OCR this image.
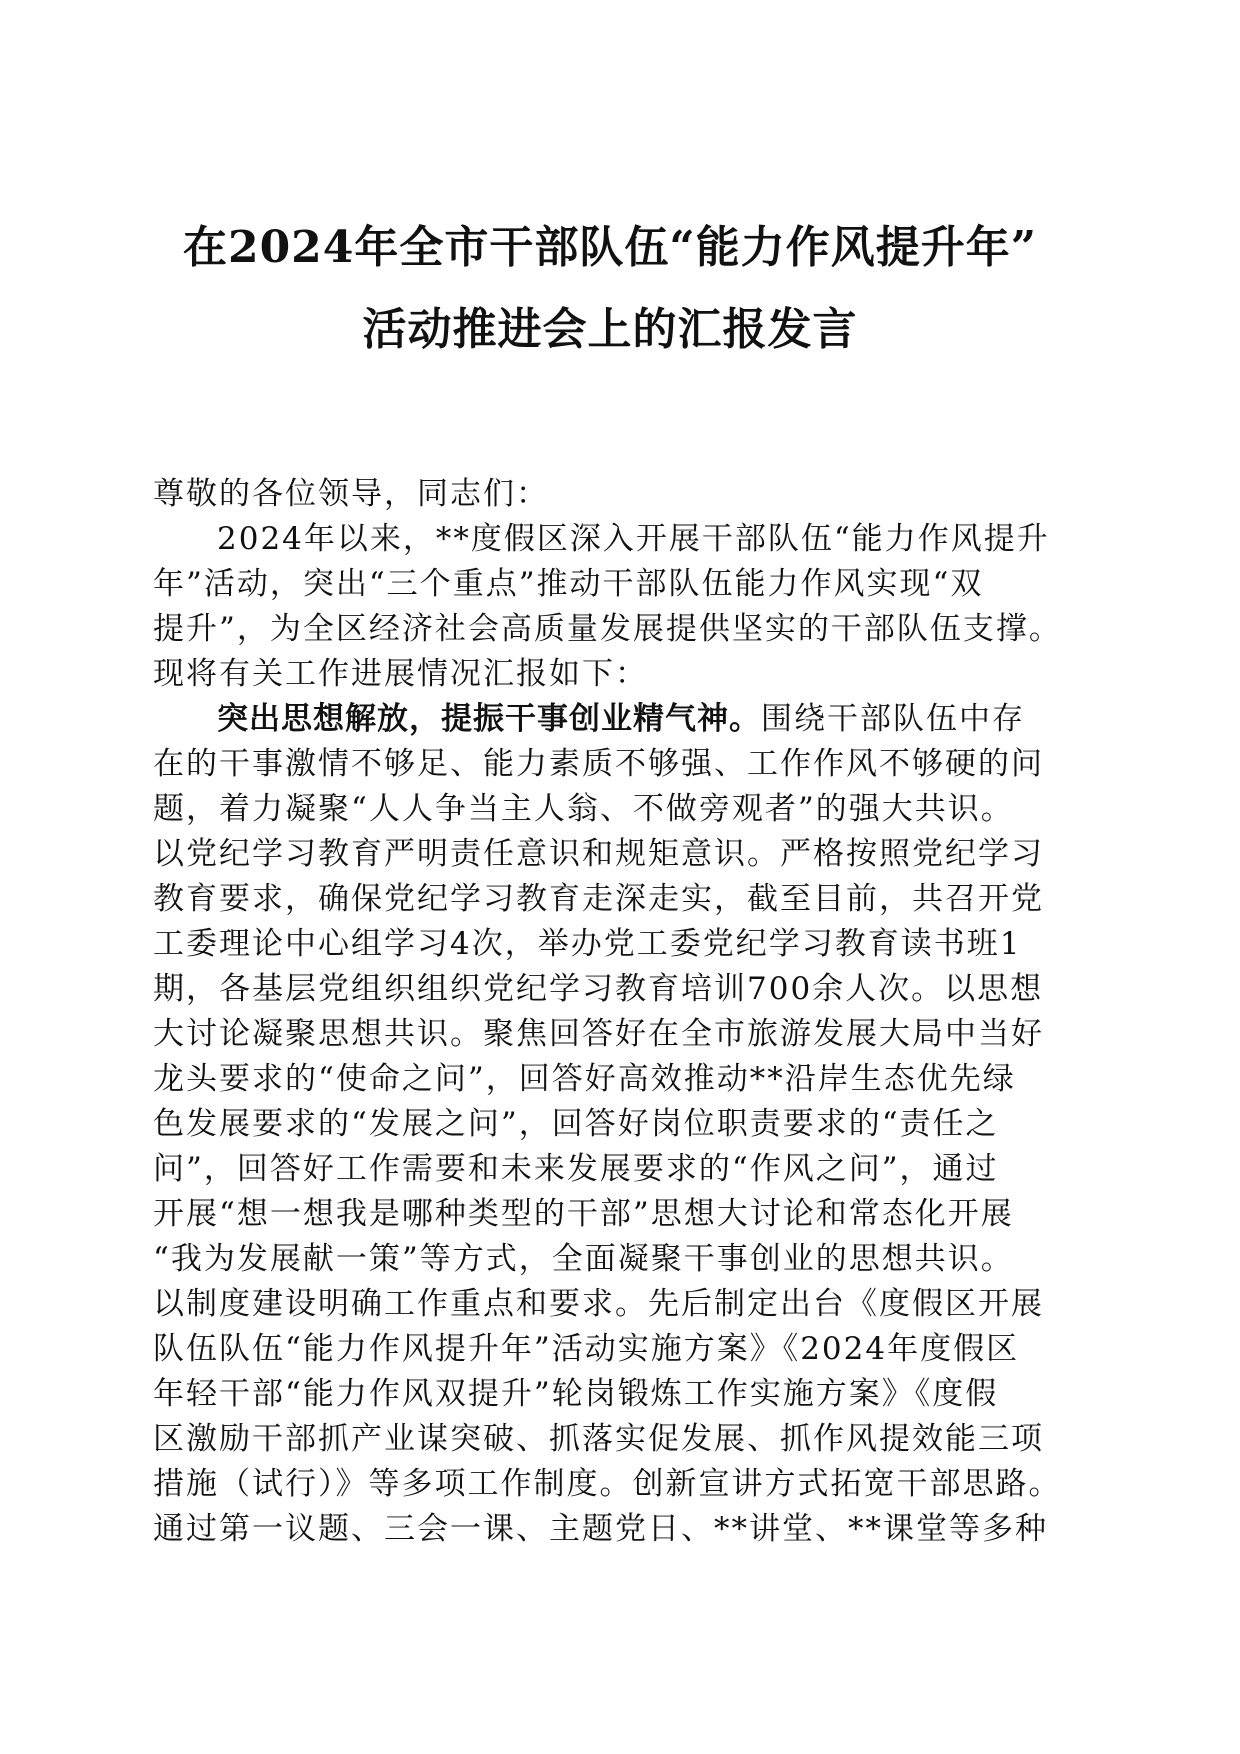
在2024年全市干部队伍“能力作风提升年”
活动推进会上的汇报发言
尊敬的各位领导，同志们：
2024年以来，**度假区深入开展干部队伍“能力作风提升
年”活动，突出“三个重点”推动干部队伍能力作风实现“双
提升”，为全区经济社会高质量发展提供坚实的干部队伍支撑。
现将有关工作进展情况汇报如下：
突出思想解放，提振干事创业精气神。围绕干部队伍中存
在的干事激情不够足、能力素质不够强、工作作风不够硬的问
题，着力凝聚“人人争当主人翁、不做旁观者”的强大共识。
以党纪学习教育严明责任意识和规矩意识。严格按照党纪学习
教育要求，确保党纪学习教育走深走实，截至目前，共召开党
工委理论中心组学习4次，举办党工委党纪学习教育读书班1
期，各基层党组织组织党纪学习教育培训700余人次。以思想
大讨论凝聚思想共识。聚焦回答好在全市旅游发展大局中当好
龙头要求的“使命之问”，回答好高效推动**沿岸生态优先绿
色发展要求的“发展之问”，回答好岗位职责要求的“责任之
问”，回答好工作需要和未来发展要求的“作风之问”，通过
开展“想一想我是哪种类型的干部”思想大讨论和常态化开展
“我为发展献一策”等方式，全面凝聚干事创业的思想共识。
以制度建设明确工作重点和要求。先后制定出台《度假区开展
队伍队伍“能力作风提升年”活动实施方案》《2024年度假区
年轻干部“能力作风双提升”轮岗锻炼工作实施方案》《度假
区激励干部抓产业谋突破、抓落实促发展、抓作风提效能三项
措施（试行）》等多项工作制度。创新宣讲方式拓宽干部思路。
通过第一议题、三会一课、主题党日、**讲堂、**课堂等多种
